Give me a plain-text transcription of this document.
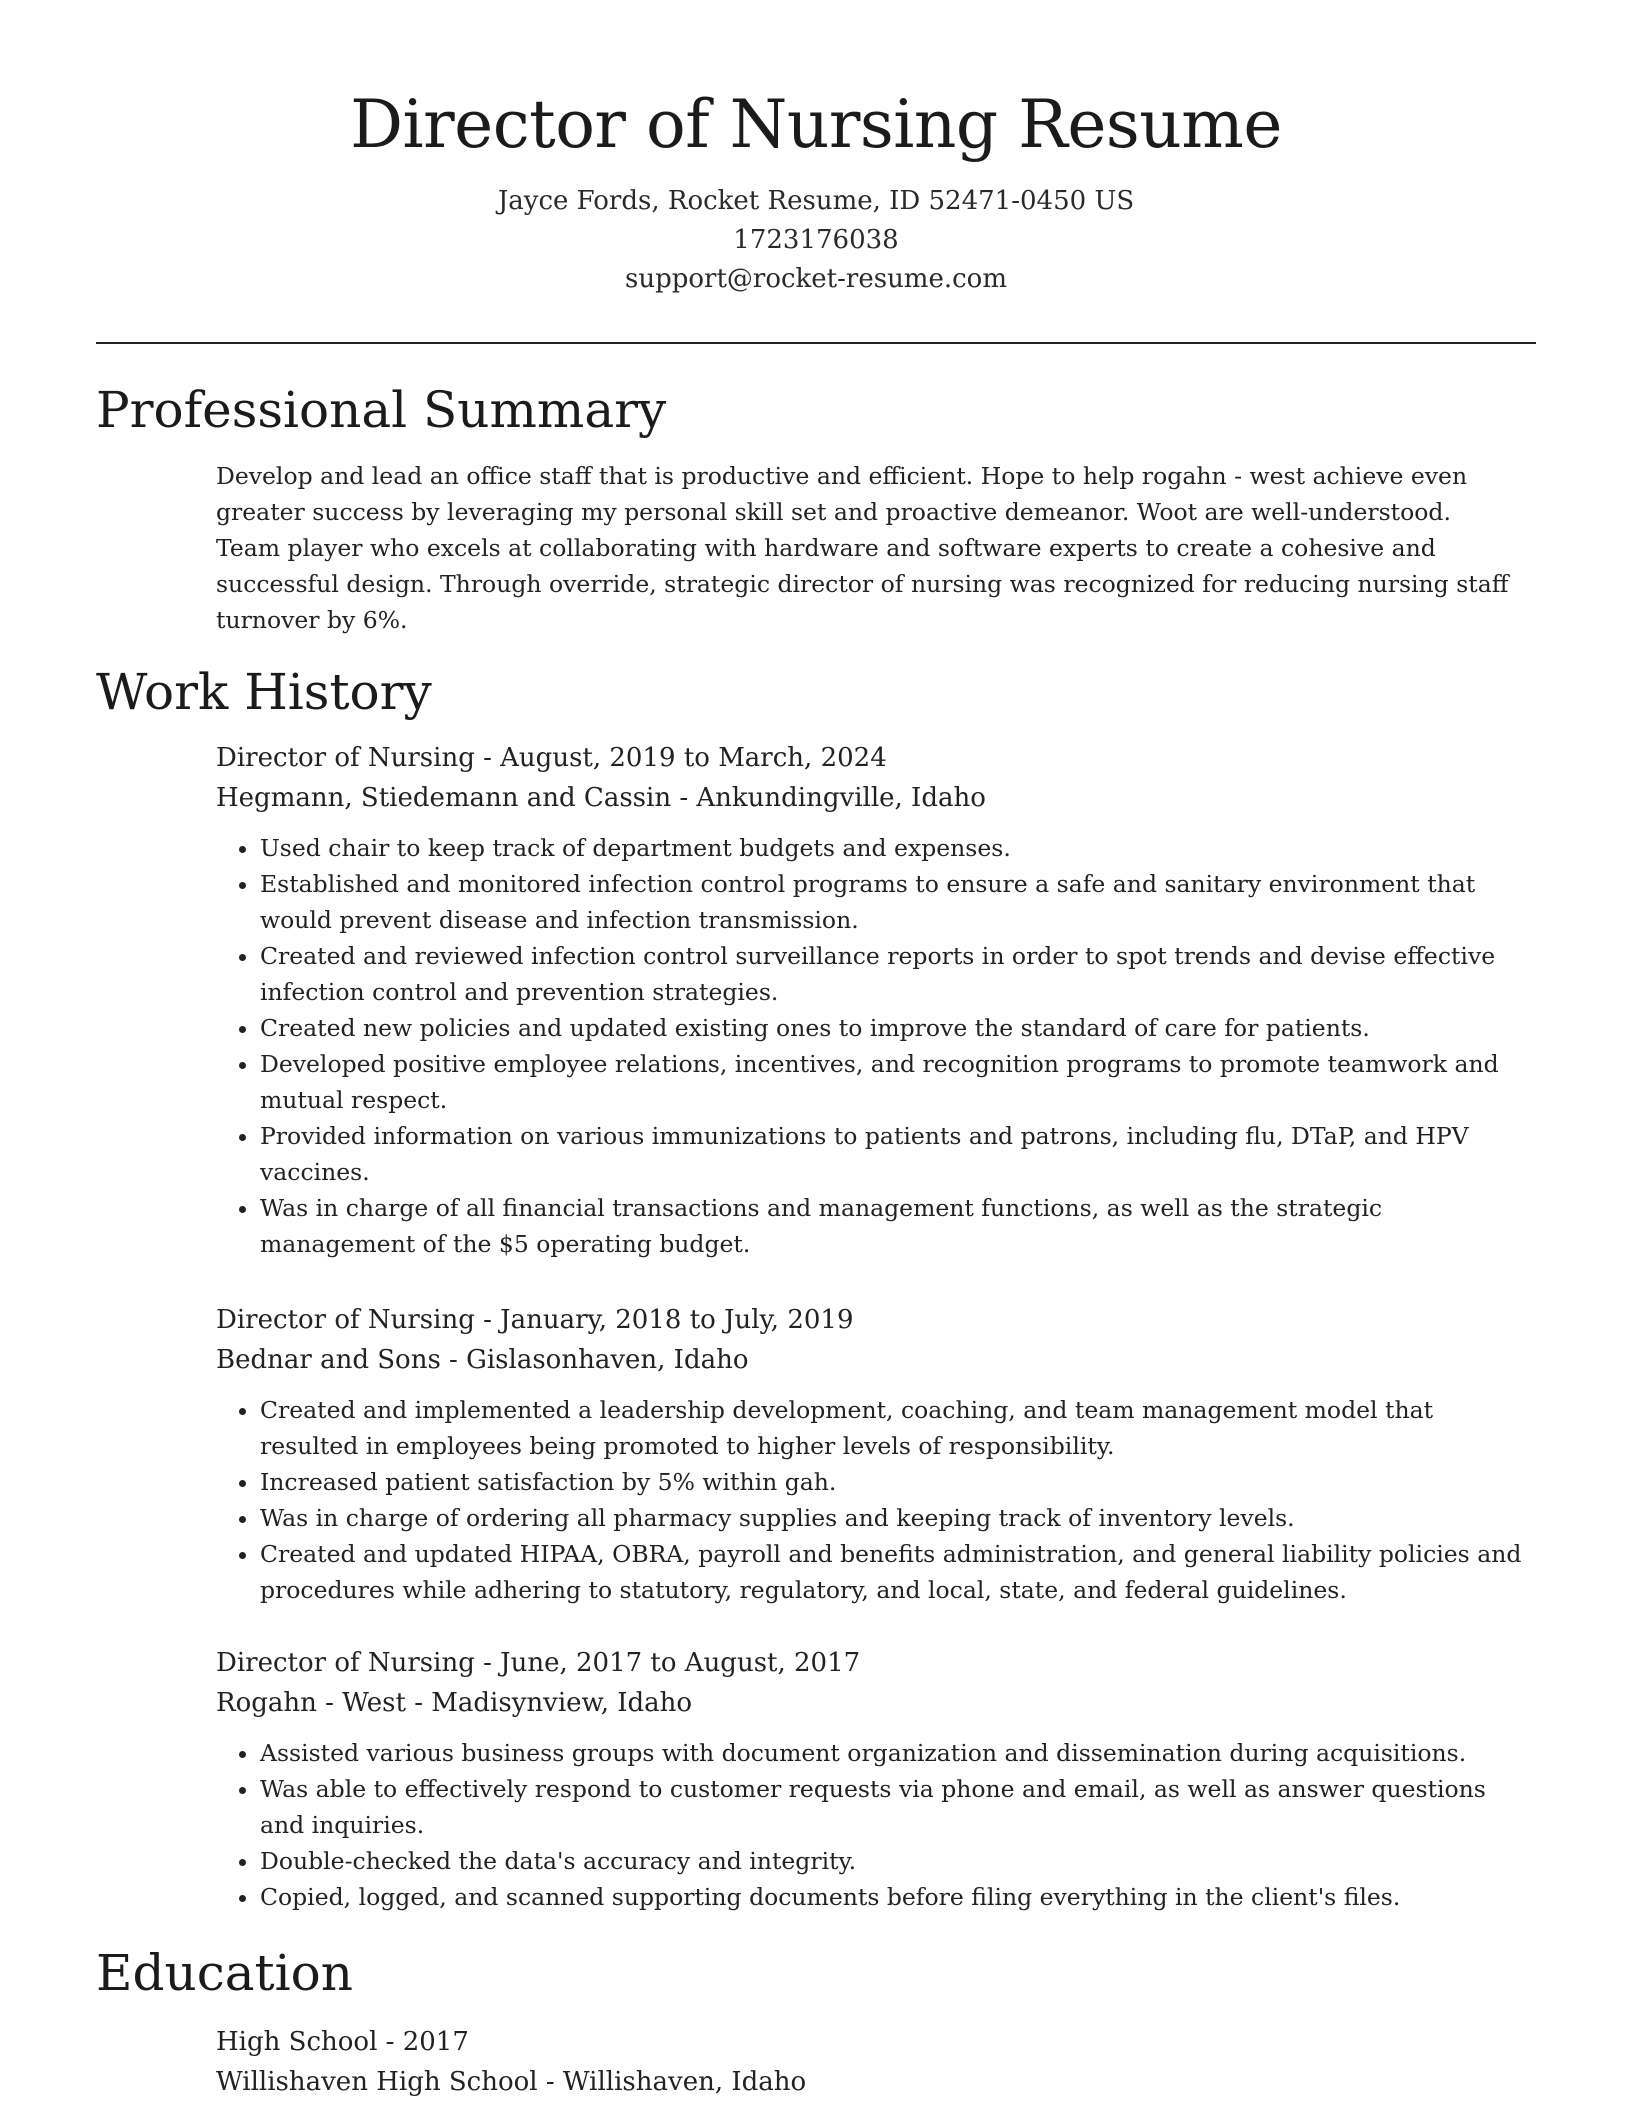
Director of Nursing Resume
Jayce Fords, Rocket Resume, ID 52471-0450 US
1723176038
support@rocket-resume.com
Professional Summary

Develop and lead an office staff that is productive and efficient. Hope to help rogahn - west achieve even greater success by leveraging my personal skill set and proactive demeanor. Woot are well-understood. Team player who excels at collaborating with hardware and software experts to create a cohesive and successful design. Through override, strategic director of nursing was recognized for reducing nursing staff turnover by 6%.

Work History
Director of Nursing - August, 2019 to March, 2024
Hegmann, Stiedemann and Cassin - Ankundingville, Idaho
• Used chair to keep track of department budgets and expenses.
• Established and monitored infection control programs to ensure a safe and sanitary environment that would prevent disease and infection transmission.
• Created and reviewed infection control surveillance reports in order to spot trends and devise effective infection control and prevention strategies.
• Created new policies and updated existing ones to improve the standard of care for patients.
• Developed positive employee relations, incentives, and recognition programs to promote teamwork and mutual respect.
• Provided information on various immunizations to patients and patrons, including flu, DTaP, and HPV vaccines.
• Was in charge of all financial transactions and management functions, as well as the strategic management of the $5 operating budget.
Director of Nursing - January, 2018 to July, 2019
Bednar and Sons - Gislasonhaven, Idaho
• Created and implemented a leadership development, coaching, and team management model that resulted in employees being promoted to higher levels of responsibility.
• Increased patient satisfaction by 5% within gah.
• Was in charge of ordering all pharmacy supplies and keeping track of inventory levels.
• Created and updated HIPAA, OBRA, payroll and benefits administration, and general liability policies and procedures while adhering to statutory, regulatory, and local, state, and federal guidelines.
Director of Nursing - June, 2017 to August, 2017
Rogahn - West - Madisynview, Idaho
• Assisted various business groups with document organization and dissemination during acquisitions.
• Was able to effectively respond to customer requests via phone and email, as well as answer questions and inquiries.
• Double-checked the data's accuracy and integrity.
• Copied, logged, and scanned supporting documents before filing everything in the client's files.
Education
High School - 2017
Willishaven High School - Willishaven, Idaho
